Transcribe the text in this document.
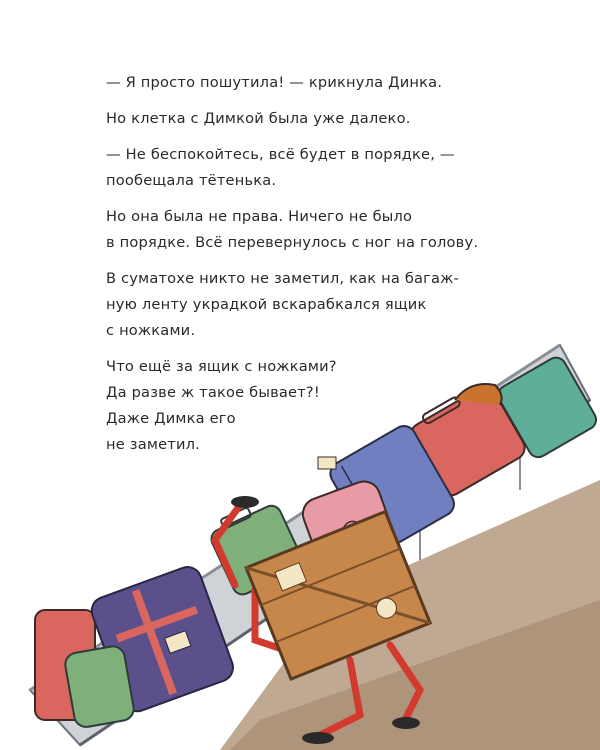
— Я просто пошутила! — крикнула Динка.

Но клетка с Димкой была уже далеко.

— Не беспокойтесь, всё будет в порядке, —
пообещала тётенька.

Но она была не права. Ничего не было
в порядке. Всё перевернулось с ног на голову.

В суматохе никто не заметил, как на багаж-
ную ленту украдкой вскарабкался ящик
с ножками.

Что ещё за ящик с ножками?
Да разве ж такое бывает?!
Даже Димка его
не заметил.
